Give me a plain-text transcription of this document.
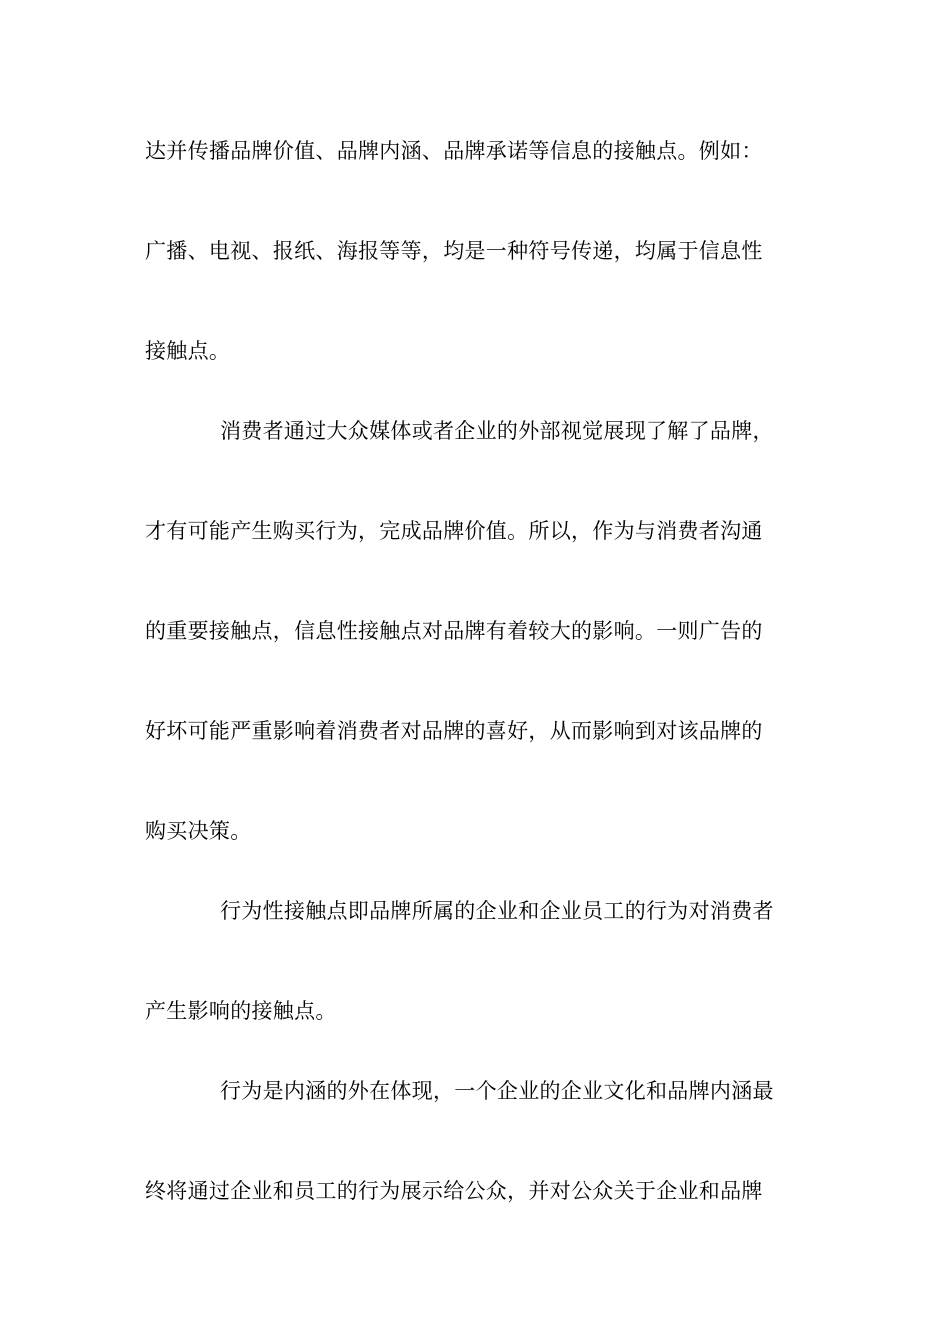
达并传播品牌价值、品牌内涵、品牌承诺等信息的接触点。例如：
广播、电视、报纸、海报等等，均是一种符号传递，均属于信息性
接触点。
消费者通过大众媒体或者企业的外部视觉展现了解了品牌，
才有可能产生购买行为，完成品牌价值。所以，作为与消费者沟通
的重要接触点，信息性接触点对品牌有着较大的影响。一则广告的
好坏可能严重影响着消费者对品牌的喜好，从而影响到对该品牌的
购买决策。
行为性接触点即品牌所属的企业和企业员工的行为对消费者
产生影响的接触点。
行为是内涵的外在体现，一个企业的企业文化和品牌内涵最
终将通过企业和员工的行为展示给公众，并对公众关于企业和品牌
